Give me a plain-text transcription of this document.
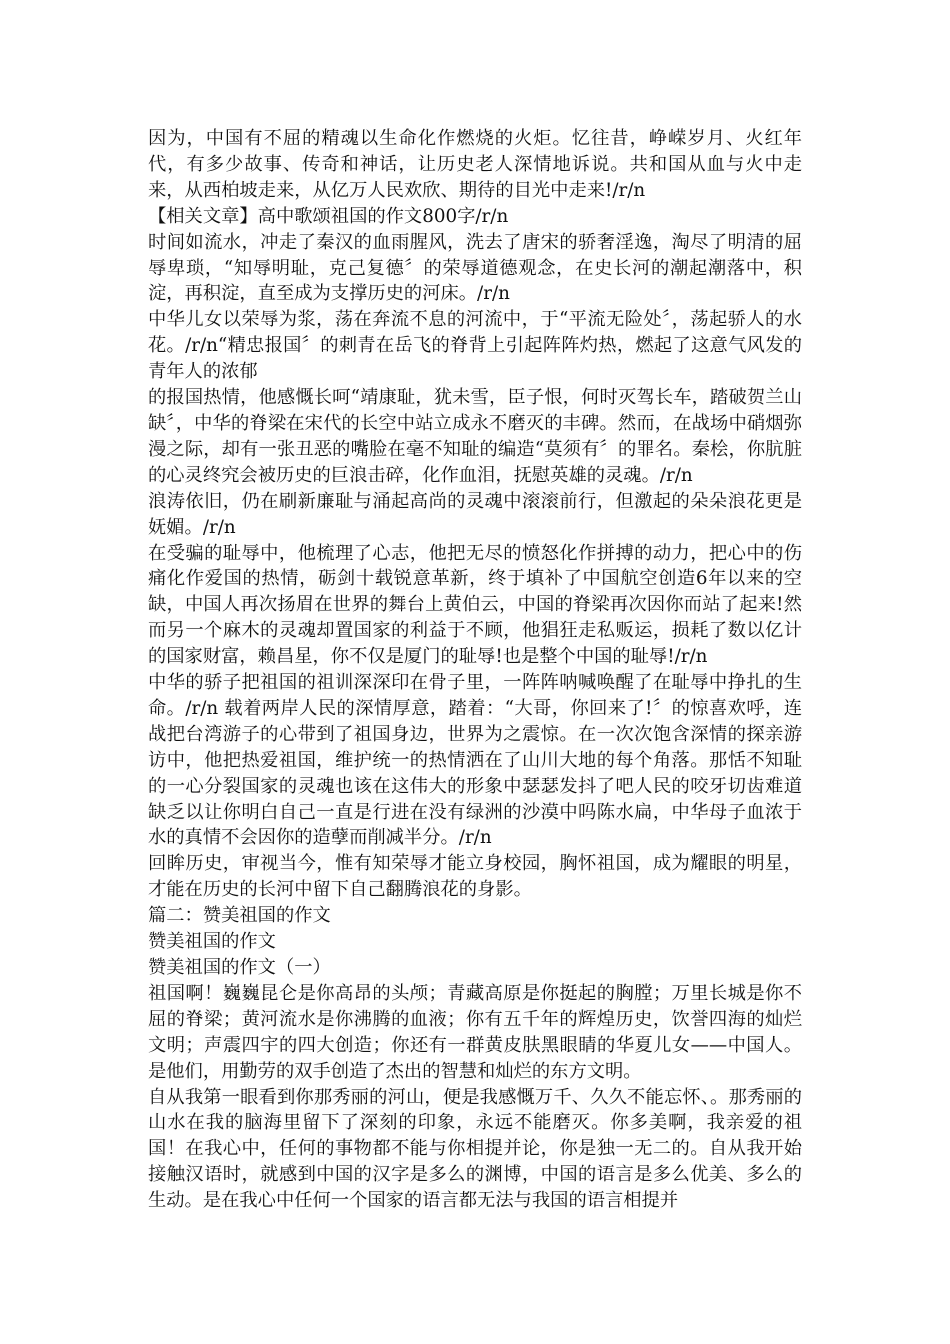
因为，中国有不屈的精魂以生命化作燃烧的火炬。忆往昔，峥嵘岁月、火红年代，有多少故事、传奇和神话，让历史老人深情地诉说。共和国从血与火中走来，从西柏坡走来，从亿万人民欢欣、期待的目光中走来!/r/n

【相关文章】高中歌颂祖国的作文800字/r/n

时间如流水，冲走了秦汉的血雨腥风，洗去了唐宋的骄奢淫逸，淘尽了明清的屈辱卑琐，“知辱明耻，克己复德〞的荣辱道德观念，在史长河的潮起潮落中，积淀，再积淀，直至成为支撑历史的河床。/r/n

中华儿女以荣辱为浆，荡在奔流不息的河流中，于“平流无险处〞，荡起骄人的水花。/r/n“精忠报国〞的刺青在岳飞的脊背上引起阵阵灼热，燃起了这意气风发的青年人的浓郁

的报国热情，他感慨长呵“靖康耻，犹未雪，臣子恨，何时灭驾长车，踏破贺兰山缺〞，中华的脊梁在宋代的长空中站立成永不磨灭的丰碑。然而，在战场中硝烟弥漫之际，却有一张丑恶的嘴脸在毫不知耻的编造“莫须有〞的罪名。秦桧，你肮脏的心灵终究会被历史的巨浪击碎，化作血泪，抚慰英雄的灵魂。/r/n

浪涛依旧，仍在刷新廉耻与涌起高尚的灵魂中滚滚前行，但激起的朵朵浪花更是妩媚。/r/n

在受骗的耻辱中，他梳理了心志，他把无尽的愤怒化作拼搏的动力，把心中的伤痛化作爱国的热情，砺剑十载锐意革新，终于填补了中国航空创造6年以来的空缺，中国人再次扬眉在世界的舞台上黄伯云，中国的脊梁再次因你而站了起来!然而另一个麻木的灵魂却置国家的利益于不顾，他猖狂走私贩运，损耗了数以亿计的国家财富，赖昌星，你不仅是厦门的耻辱!也是整个中国的耻辱!/r/n

中华的骄子把祖国的祖训深深印在骨子里，一阵阵呐喊唤醒了在耻辱中挣扎的生命。/r/n 载着两岸人民的深情厚意，踏着：“大哥，你回来了!〞的惊喜欢呼，连战把台湾游子的心带到了祖国身边，世界为之震惊。在一次次饱含深情的探亲游访中，他把热爱祖国，维护统一的热情洒在了山川大地的每个角落。那恬不知耻的一心分裂国家的灵魂也该在这伟大的形象中瑟瑟发抖了吧人民的咬牙切齿难道缺乏以让你明白自己一直是行进在没有绿洲的沙漠中吗陈水扁，中华母子血浓于水的真情不会因你的造孽而削减半分。/r/n

回眸历史，审视当今，惟有知荣辱才能立身校园，胸怀祖国，成为耀眼的明星，才能在历史的长河中留下自己翻腾浪花的身影。

篇二：赞美祖国的作文

赞美祖国的作文

赞美祖国的作文（一）

祖国啊！巍巍昆仑是你高昂的头颅；青藏高原是你挺起的胸膛；万里长城是你不屈的脊梁；黄河流水是你沸腾的血液；你有五千年的辉煌历史，饮誉四海的灿烂文明；声震四宇的四大创造；你还有一群黄皮肤黑眼睛的华夏儿女——中国人。是他们，用勤劳的双手创造了杰出的智慧和灿烂的东方文明。

自从我第一眼看到你那秀丽的河山，便是我感慨万千、久久不能忘怀、。那秀丽的山水在我的脑海里留下了深刻的印象，永远不能磨灭。你多美啊，我亲爱的祖国！在我心中，任何的事物都不能与你相提并论，你是独一无二的。自从我开始接触汉语时，就感到中国的汉字是多么的渊博，中国的语言是多么优美、多么的生动。是在我心中任何一个国家的语言都无法与我国的语言相提并
